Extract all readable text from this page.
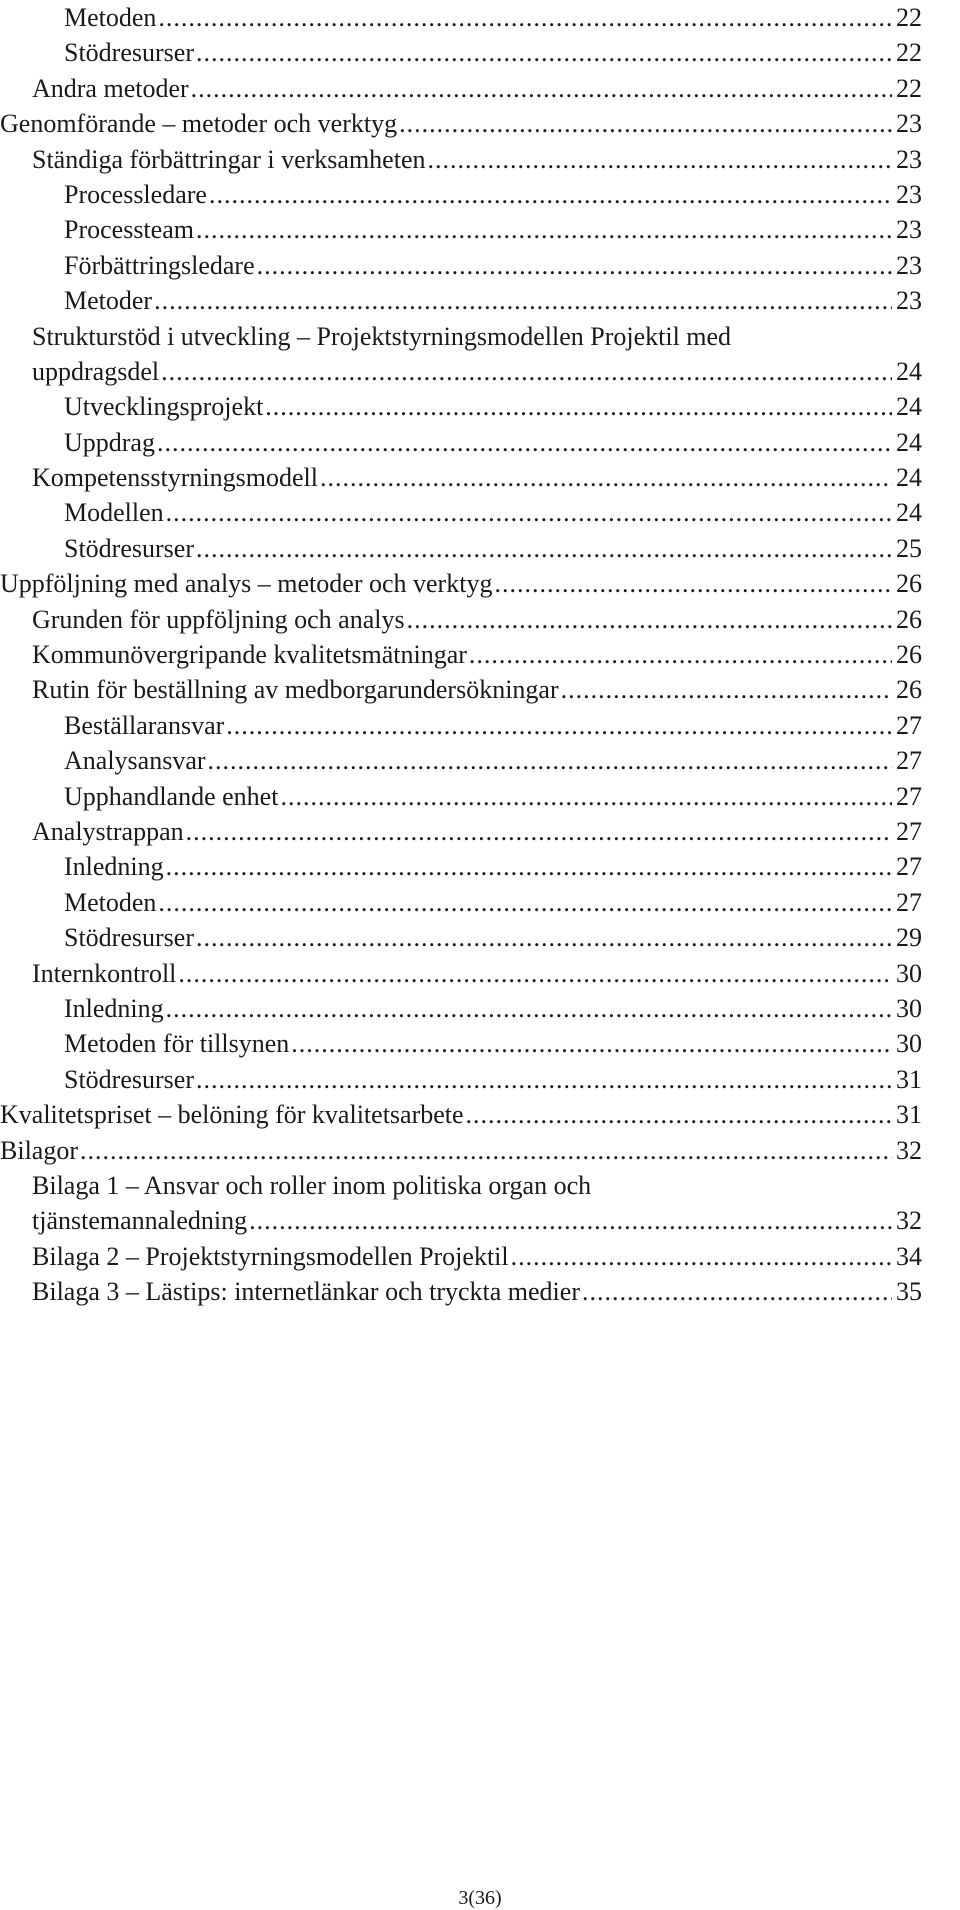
Metoden .....	22
Stödresurser .....	22
Andra metoder .....	22
Genomförande – metoder och verktyg .....	23
Ständiga förbättringar i verksamheten .....	23
Processledare .....	23
Processteam .....	23
Förbättringsledare .....	23
Metoder .....	23
Strukturstöd i utveckling – Projektstyrningsmodellen Projektil med
uppdragsdel .....	24
Utvecklingsprojekt .....	24
Uppdrag .....	24
Kompetensstyrningsmodell .....	24
Modellen .....	24
Stödresurser .....	25
Uppföljning med analys – metoder och verktyg .....	26
Grunden för uppföljning och analys .....	26
Kommunövergripande kvalitetsmätningar .....	26
Rutin för beställning av medborgarundersökningar .....	26
Beställaransvar .....	27
Analysansvar .....	27
Upphandlande enhet .....	27
Analystrappan .....	27
Inledning .....	27
Metoden .....	27
Stödresurser .....	29
Internkontroll .....	30
Inledning .....	30
Metoden för tillsynen .....	30
Stödresurser .....	31
Kvalitetspriset – belöning för kvalitetsarbete .....	31
Bilagor .....	32
Bilaga 1 – Ansvar och roller inom politiska organ och
tjänstemannaledning .....	32
Bilaga 2 – Projektstyrningsmodellen Projektil .....	34
Bilaga 3 – Lästips: internetlänkar och tryckta medier .....	35
3(36)
